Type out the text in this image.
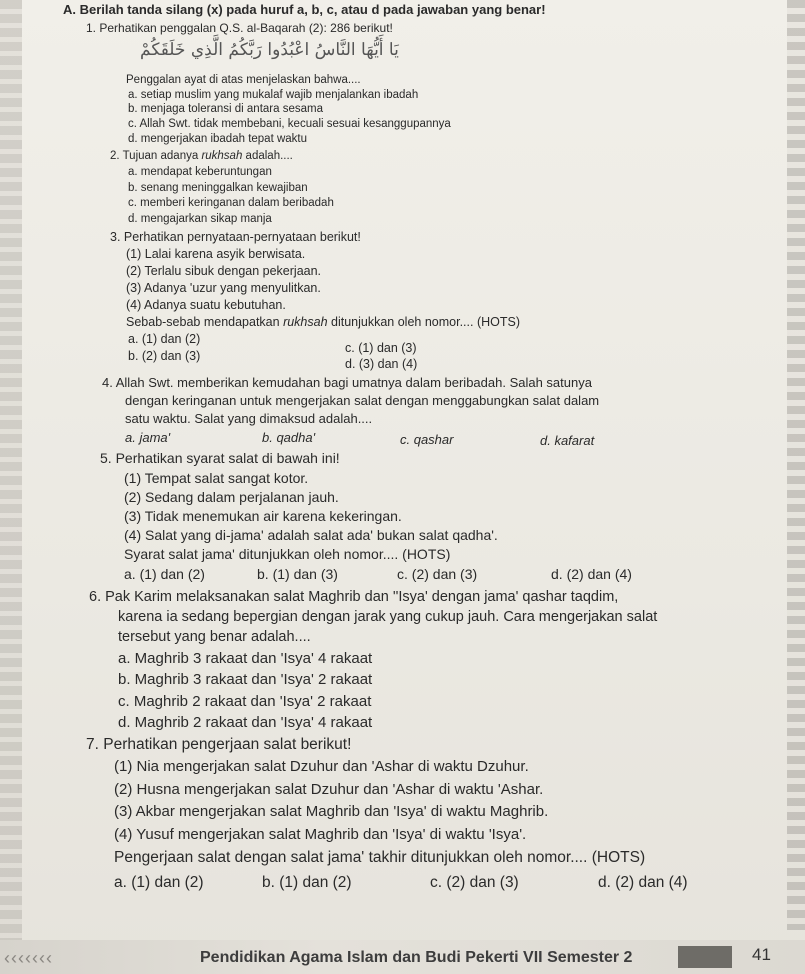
A. Berilah tanda silang (x) pada huruf a, b, c, atau d pada jawaban yang benar!
1. Perhatikan penggalan Q.S. al-Baqarah (2): 286 berikut!
ﻳَﺎ ﺃَﻳُّﻬَﺎ ﺍﻟﻨَّﺎﺱُ ﺍﻋْﺒُﺪُﻭﺍ ﺭَﺑَّﻜُﻢُ ﺍﻟَّﺬِﻱ ﺧَﻠَﻘَﻜُﻢْ
Penggalan ayat di atas menjelaskan bahwa....
a. setiap muslim yang mukalaf wajib menjalankan ibadah
b. menjaga toleransi di antara sesama
c. Allah Swt. tidak membebani, kecuali sesuai kesanggupannya
d. mengerjakan ibadah tepat waktu
2. Tujuan adanya rukhsah adalah....
a. mendapat keberuntungan
b. senang meninggalkan kewajiban
c. memberi keringanan dalam beribadah
d. mengajarkan sikap manja
3. Perhatikan pernyataan-pernyataan berikut!
(1) Lalai karena asyik berwisata.
(2) Terlalu sibuk dengan pekerjaan.
(3) Adanya 'uzur yang menyulitkan.
(4) Adanya suatu kebutuhan.
Sebab-sebab mendapatkan rukhsah ditunjukkan oleh nomor.... (HOTS)
a. (1) dan (2)
b. (2) dan (3)
c. (1) dan (3)
d. (3) dan (4)
4. Allah Swt. memberikan kemudahan bagi umatnya dalam beribadah. Salah satunya
dengan keringanan untuk mengerjakan salat dengan menggabungkan salat dalam
satu waktu. Salat yang dimaksud adalah....
a. jama'	b. qadha'	c. qashar	d. kafarat
5. Perhatikan syarat salat di bawah ini!
(1) Tempat salat sangat kotor.
(2) Sedang dalam perjalanan jauh.
(3) Tidak menemukan air karena kekeringan.
(4) Salat yang di-jama' adalah salat ada' bukan salat qadha'.
Syarat salat jama' ditunjukkan oleh nomor.... (HOTS)
a. (1) dan (2)	b. (1) dan (3)	c. (2) dan (3)	d. (2) dan (4)
6. Pak Karim melaksanakan salat Maghrib dan ''Isya' dengan jama' qashar taqdim,
karena ia sedang bepergian dengan jarak yang cukup jauh. Cara mengerjakan salat
tersebut yang benar adalah....
a. Maghrib 3 rakaat dan 'Isya' 4 rakaat
b. Maghrib 3 rakaat dan 'Isya' 2 rakaat
c. Maghrib 2 rakaat dan 'Isya' 2 rakaat
d. Maghrib 2 rakaat dan 'Isya' 4 rakaat
7. Perhatikan pengerjaan salat berikut!
(1) Nia mengerjakan salat Dzuhur dan 'Ashar di waktu Dzuhur.
(2) Husna mengerjakan salat Dzuhur dan 'Ashar di waktu 'Ashar.
(3) Akbar mengerjakan salat Maghrib dan 'Isya' di waktu Maghrib.
(4) Yusuf mengerjakan salat Maghrib dan 'Isya' di waktu 'Isya'.
Pengerjaan salat dengan salat jama' takhir ditunjukkan oleh nomor.... (HOTS)
a. (1) dan (2)	b. (1) dan (2)	c. (2) dan (3)	d. (2) dan (4)
‹‹‹‹‹‹‹	Pendidikan Agama Islam dan Budi Pekerti VII Semester 2	41
